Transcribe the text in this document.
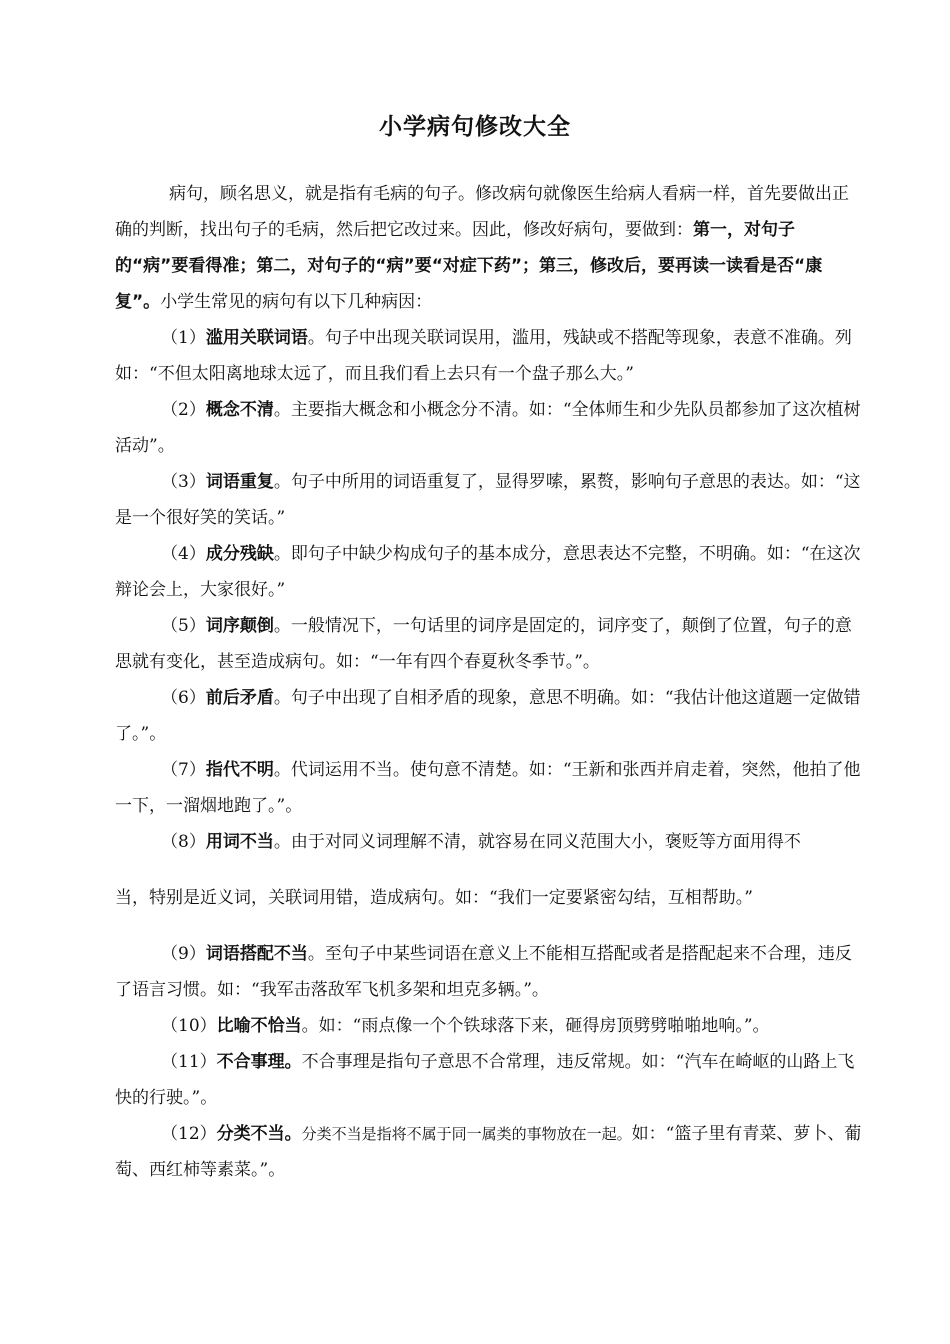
小学病句修改大全

病句，顾名思义，就是指有毛病的句子。修改病句就像医生给病人看病一样，首先要做出正确的判断，找出句子的毛病，然后把它改过来。因此，修改好病句，要做到：第一，对句子的“病”要看得准；第二，对句子的“病”要“对症下药”；第三，修改后，要再读一读看是否“康复”。小学生常见的病句有以下几种病因：

（1）滥用关联词语。句子中出现关联词误用，滥用，残缺或不搭配等现象，表意不准确。列如：“不但太阳离地球太远了，而且我们看上去只有一个盘子那么大。”

（2）概念不清。主要指大概念和小概念分不清。如：“全体师生和少先队员都参加了这次植树活动”。

（3）词语重复。句子中所用的词语重复了，显得罗嗦，累赘，影响句子意思的表达。如：“这是一个很好笑的笑话。”

（4）成分残缺。即句子中缺少构成句子的基本成分，意思表达不完整，不明确。如：“在这次辩论会上，大家很好。”

（5）词序颠倒。一般情况下，一句话里的词序是固定的，词序变了，颠倒了位置，句子的意思就有变化，甚至造成病句。如：“一年有四个春夏秋冬季节。”。

（6）前后矛盾。句子中出现了自相矛盾的现象，意思不明确。如：“我估计他这道题一定做错了。”。

（7）指代不明。代词运用不当。使句意不清楚。如：“王新和张西并肩走着，突然，他拍了他一下，一溜烟地跑了。”。

（8）用词不当。由于对同义词理解不清，就容易在同义范围大小，褒贬等方面用得不

当，特别是近义词，关联词用错，造成病句。如：“我们一定要紧密勾结，互相帮助。”

（9）词语搭配不当。至句子中某些词语在意义上不能相互搭配或者是搭配起来不合理，违反了语言习惯。如：“我军击落敌军飞机多架和坦克多辆。”。

（10）比喻不恰当。如：“雨点像一个个铁球落下来，砸得房顶劈劈啪啪地响。”。

（11）不合事理。不合事理是指句子意思不合常理，违反常规。如：“汽车在崎岖的山路上飞快的行驶。”。

（12）分类不当。分类不当是指将不属于同一属类的事物放在一起。如：“篮子里有青菜、萝卜、葡萄、西红柿等素菜。”。
